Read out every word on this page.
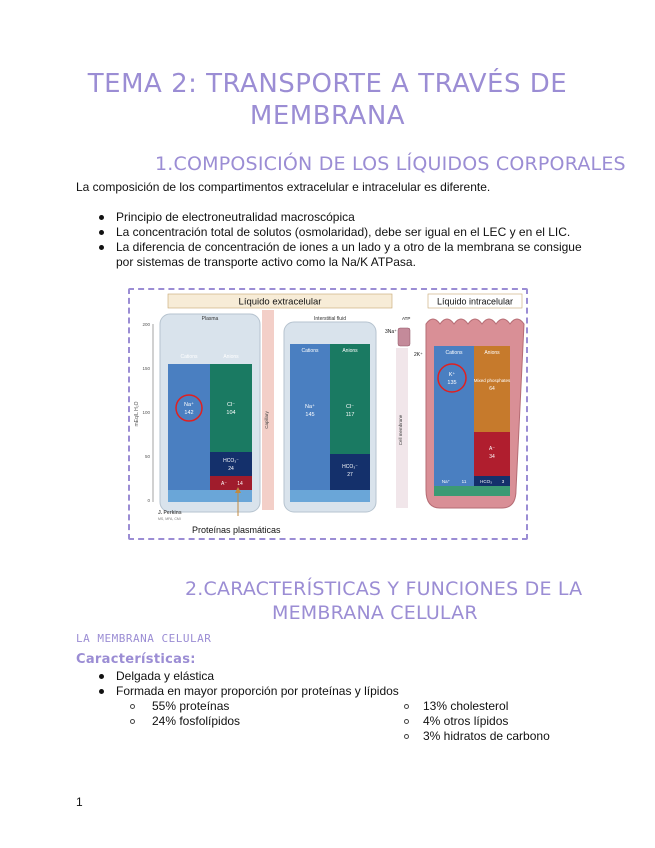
TEMA 2: TRANSPORTE A TRAVÉS DE
MEMBRANA
1.COMPOSICIÓN DE LOS LÍQUIDOS CORPORALES
La composición de los compartimentos extracelular e intracelular es diferente.
Principio de electroneutralidad macroscópica
La concentración total de solutos (osmolaridad), debe ser igual en el LEC y en el LIC.
La diferencia de concentración de iones a un lado y a otro de la membrana se consigue
por sistemas de transporte activo como la Na/K ATPasa.
Líquido extracelular	Líquido intracelular
200
150
100
50
0
mEq/L H₂O
Plasma
Cations	Anions
Na⁺
142
Cl⁻
104
HCO₃⁻
24
A⁻ 14
Capillary
Interstitial fluid
Cations	Anions
Na⁺
145
Cl⁻
117
HCO₃⁻
27
Cell membrane
3Na⁺
2K⁺
ATP
Cations	Anions
K⁺
135	Mixed phosphates
64
A⁻
34
Na⁺	11	HCO₃ 3
J. Perkins
MS, MFA, CMI
Proteínas plasmáticas
2.CARACTERÍSTICAS Y FUNCIONES DE LA
MEMBRANA CELULAR
LA MEMBRANA CELULAR
Características:
Delgada y elástica
Formada en mayor proporción por proteínas y lípidos
55% proteínas
24% fosfolípidos
13% cholesterol
4% otros lípidos
3% hidratos de carbono
1
